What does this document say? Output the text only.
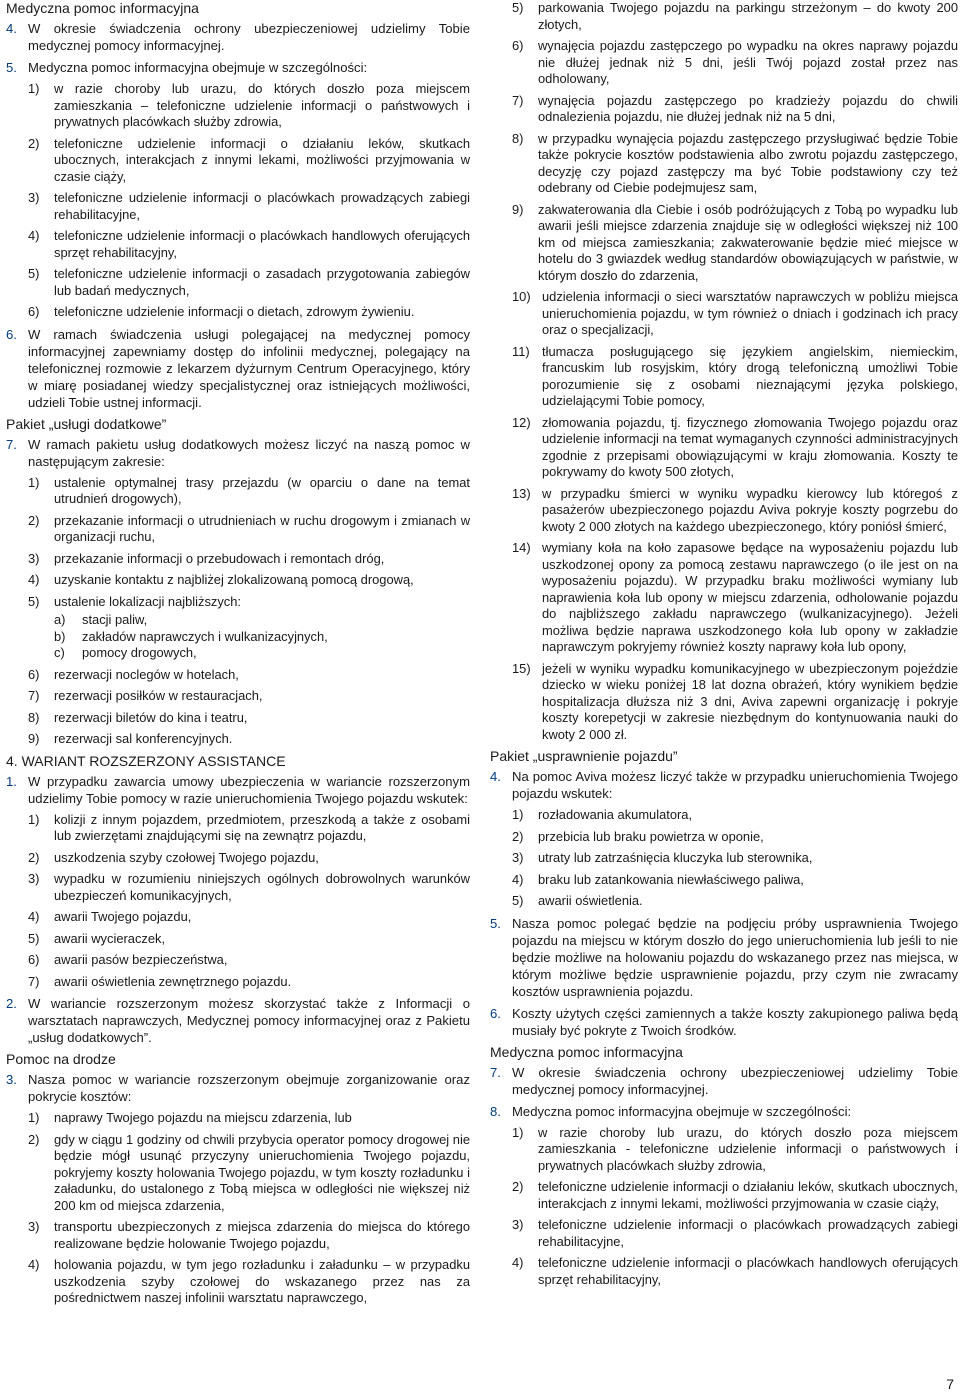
Medyczna pomoc informacyjna
4. W okresie świadczenia ochrony ubezpieczeniowej udzielimy Tobie medycznej pomocy informacyjnej.
5. Medyczna pomoc informacyjna obejmuje w szczególności:
1) w razie choroby lub urazu, do których doszło poza miejscem zamieszkania – telefoniczne udzielenie informacji o państwowych i prywatnych placówkach służby zdrowia,
2) telefoniczne udzielenie informacji o działaniu leków, skutkach ubocznych, interakcjach z innymi lekami, możliwości przyjmowania w czasie ciąży,
3) telefoniczne udzielenie informacji o placówkach prowadzących zabiegi rehabilitacyjne,
4) telefoniczne udzielenie informacji o placówkach handlowych oferujących sprzęt rehabilitacyjny,
5) telefoniczne udzielenie informacji o zasadach przygotowania zabiegów lub badań medycznych,
6) telefoniczne udzielenie informacji o dietach, zdrowym żywieniu.
6. W ramach świadczenia usługi polegającej na medycznej pomocy informacyjnej zapewniamy dostęp do infolinii medycznej, polegający na telefonicznej rozmowie z lekarzem dyżurnym Centrum Operacyjnego, który w miarę posiadanej wiedzy specjalistycznej oraz istniejących możliwości, udzieli Tobie ustnej informacji.
Pakiet „usługi dodatkowe”
7. W ramach pakietu usług dodatkowych możesz liczyć na naszą pomoc w następującym zakresie:
1) ustalenie optymalnej trasy przejazdu (w oparciu o dane na temat utrudnień drogowych),
2) przekazanie informacji o utrudnieniach w ruchu drogowym i zmianach w organizacji ruchu,
3) przekazanie informacji o przebudowach i remontach dróg,
4) uzyskanie kontaktu z najbliżej zlokalizowaną pomocą drogową,
5) ustalenie lokalizacji najbliższych:
a) stacji paliw,
b) zakładów naprawczych i wulkanizacyjnych,
c) pomocy drogowych,
6) rezerwacji noclegów w hotelach,
7) rezerwacji posiłków w restauracjach,
8) rezerwacji biletów do kina i teatru,
9) rezerwacji sal konferencyjnych.
4. WARIANT ROZSZERZONY ASSISTANCE
1. W przypadku zawarcia umowy ubezpieczenia w wariancie rozszerzonym udzielimy Tobie pomocy w razie unieruchomienia Twojego pojazdu wskutek:
1) kolizji z innym pojazdem, przedmiotem, przeszkodą a także z osobami lub zwierzętami znajdującymi się na zewnątrz pojazdu,
2) uszkodzenia szyby czołowej Twojego pojazdu,
3) wypadku w rozumieniu niniejszych ogólnych dobrowolnych warunków ubezpieczeń komunikacyjnych,
4) awarii Twojego pojazdu,
5) awarii wycieraczek,
6) awarii pasów bezpieczeństwa,
7) awarii oświetlenia zewnętrznego pojazdu.
2. W wariancie rozszerzonym możesz skorzystać także z Informacji o warsztatach naprawczych, Medycznej pomocy informacyjnej oraz z Pakietu „usług dodatkowych”.
Pomoc na drodze
3. Nasza pomoc w wariancie rozszerzonym obejmuje zorganizowanie oraz pokrycie kosztów:
1) naprawy Twojego pojazdu na miejscu zdarzenia, lub
2) gdy w ciągu 1 godziny od chwili przybycia operator pomocy drogowej nie będzie mógł usunąć przyczyny unieruchomienia Twojego pojazdu, pokryjemy koszty holowania Twojego pojazdu, w tym koszty rozładunku i załadunku, do ustalonego z Tobą miejsca w odległości nie większej niż 200 km od miejsca zdarzenia,
3) transportu ubezpieczonych z miejsca zdarzenia do miejsca do którego realizowane będzie holowanie Twojego pojazdu,
4) holowania pojazdu, w tym jego rozładunku i załadunku – w przypadku uszkodzenia szyby czołowej do wskazanego przez nas za pośrednictwem naszej infolinii warsztatu naprawczego,
5) parkowania Twojego pojazdu na parkingu strzeżonym – do kwoty 200 złotych,
6) wynajęcia pojazdu zastępczego po wypadku na okres naprawy pojazdu nie dłużej jednak niż 5 dni, jeśli Twój pojazd został przez nas odholowany,
7) wynajęcia pojazdu zastępczego po kradzieży pojazdu do chwili odnalezienia pojazdu, nie dłużej jednak niż na 5 dni,
8) w przypadku wynajęcia pojazdu zastępczego przysługiwać będzie Tobie także pokrycie kosztów podstawienia albo zwrotu pojazdu zastępczego, decyzję czy pojazd zastępczy ma być Tobie podstawiony czy też odebrany od Ciebie podejmujesz sam,
9) zakwaterowania dla Ciebie i osób podróżujących z Tobą po wypadku lub awarii jeśli miejsce zdarzenia znajduje się w odległości większej niż 100 km od miejsca zamieszkania; zakwaterowanie będzie mieć miejsce w hotelu do 3 gwiazdek według standardów obowiązujących w państwie, w którym doszło do zdarzenia,
10) udzielenia informacji o sieci warsztatów naprawczych w pobliżu miejsca unieruchomienia pojazdu, w tym również o dniach i godzinach ich pracy oraz o specjalizacji,
11) tłumacza posługującego się językiem angielskim, niemieckim, francuskim lub rosyjskim, który drogą telefoniczną umożliwi Tobie porozumienie się z osobami nieznającymi języka polskiego, udzielającymi Tobie pomocy,
12) złomowania pojazdu, tj. fizycznego złomowania Twojego pojazdu oraz udzielenie informacji na temat wymaganych czynności administracyjnych zgodnie z przepisami obowiązującymi w kraju złomowania. Koszty te pokrywamy do kwoty 500 złotych,
13) w przypadku śmierci w wyniku wypadku kierowcy lub któregoś z pasażerów ubezpieczonego pojazdu Aviva pokryje koszty pogrzebu do kwoty 2 000 złotych na każdego ubezpieczonego, który poniósł śmierć,
14) wymiany koła na koło zapasowe będące na wyposażeniu pojazdu lub uszkodzonej opony za pomocą zestawu naprawczego (o ile jest on na wyposażeniu pojazdu). W przypadku braku możliwości wymiany lub naprawienia koła lub opony w miejscu zdarzenia, odholowanie pojazdu do najbliższego zakładu naprawczego (wulkanizacyjnego). Jeżeli możliwa będzie naprawa uszkodzonego koła lub opony w zakładzie naprawczym pokryjemy również koszty naprawy koła lub opony,
15) jeżeli w wyniku wypadku komunikacyjnego w ubezpieczonym pojeździe dziecko w wieku poniżej 18 lat dozna obrażeń, który wynikiem będzie hospitalizacja dłuższa niż 3 dni, Aviva zapewni organizację i pokryje koszty korepetycji w zakresie niezbędnym do kontynuowania nauki do kwoty 2 000 zł.
Pakiet „usprawnienie pojazdu”
4. Na pomoc Aviva możesz liczyć także w przypadku unieruchomienia Twojego pojazdu wskutek:
1) rozładowania akumulatora,
2) przebicia lub braku powietrza w oponie,
3) utraty lub zatrzaśnięcia kluczyka lub sterownika,
4) braku lub zatankowania niewłaściwego paliwa,
5) awarii oświetlenia.
5. Nasza pomoc polegać będzie na podjęciu próby usprawnienia Twojego pojazdu na miejscu w którym doszło do jego unieruchomienia lub jeśli to nie będzie możliwe na holowaniu pojazdu do wskazanego przez nas miejsca, w którym możliwe będzie usprawnienie pojazdu, przy czym nie zwracamy kosztów usprawnienia pojazdu.
6. Koszty użytych części zamiennych a także koszty zakupionego paliwa będą musiały być pokryte z Twoich środków.
Medyczna pomoc informacyjna
7. W okresie świadczenia ochrony ubezpieczeniowej udzielimy Tobie medycznej pomocy informacyjnej.
8. Medyczna pomoc informacyjna obejmuje w szczególności:
1) w razie choroby lub urazu, do których doszło poza miejscem zamieszkania - telefoniczne udzielenie informacji o państwowych i prywatnych placówkach służby zdrowia,
2) telefoniczne udzielenie informacji o działaniu leków, skutkach ubocznych, interakcjach z innymi lekami, możliwości przyjmowania w czasie ciąży,
3) telefoniczne udzielenie informacji o placówkach prowadzących zabiegi rehabilitacyjne,
4) telefoniczne udzielenie informacji o placówkach handlowych oferujących sprzęt rehabilitacyjny,
7
